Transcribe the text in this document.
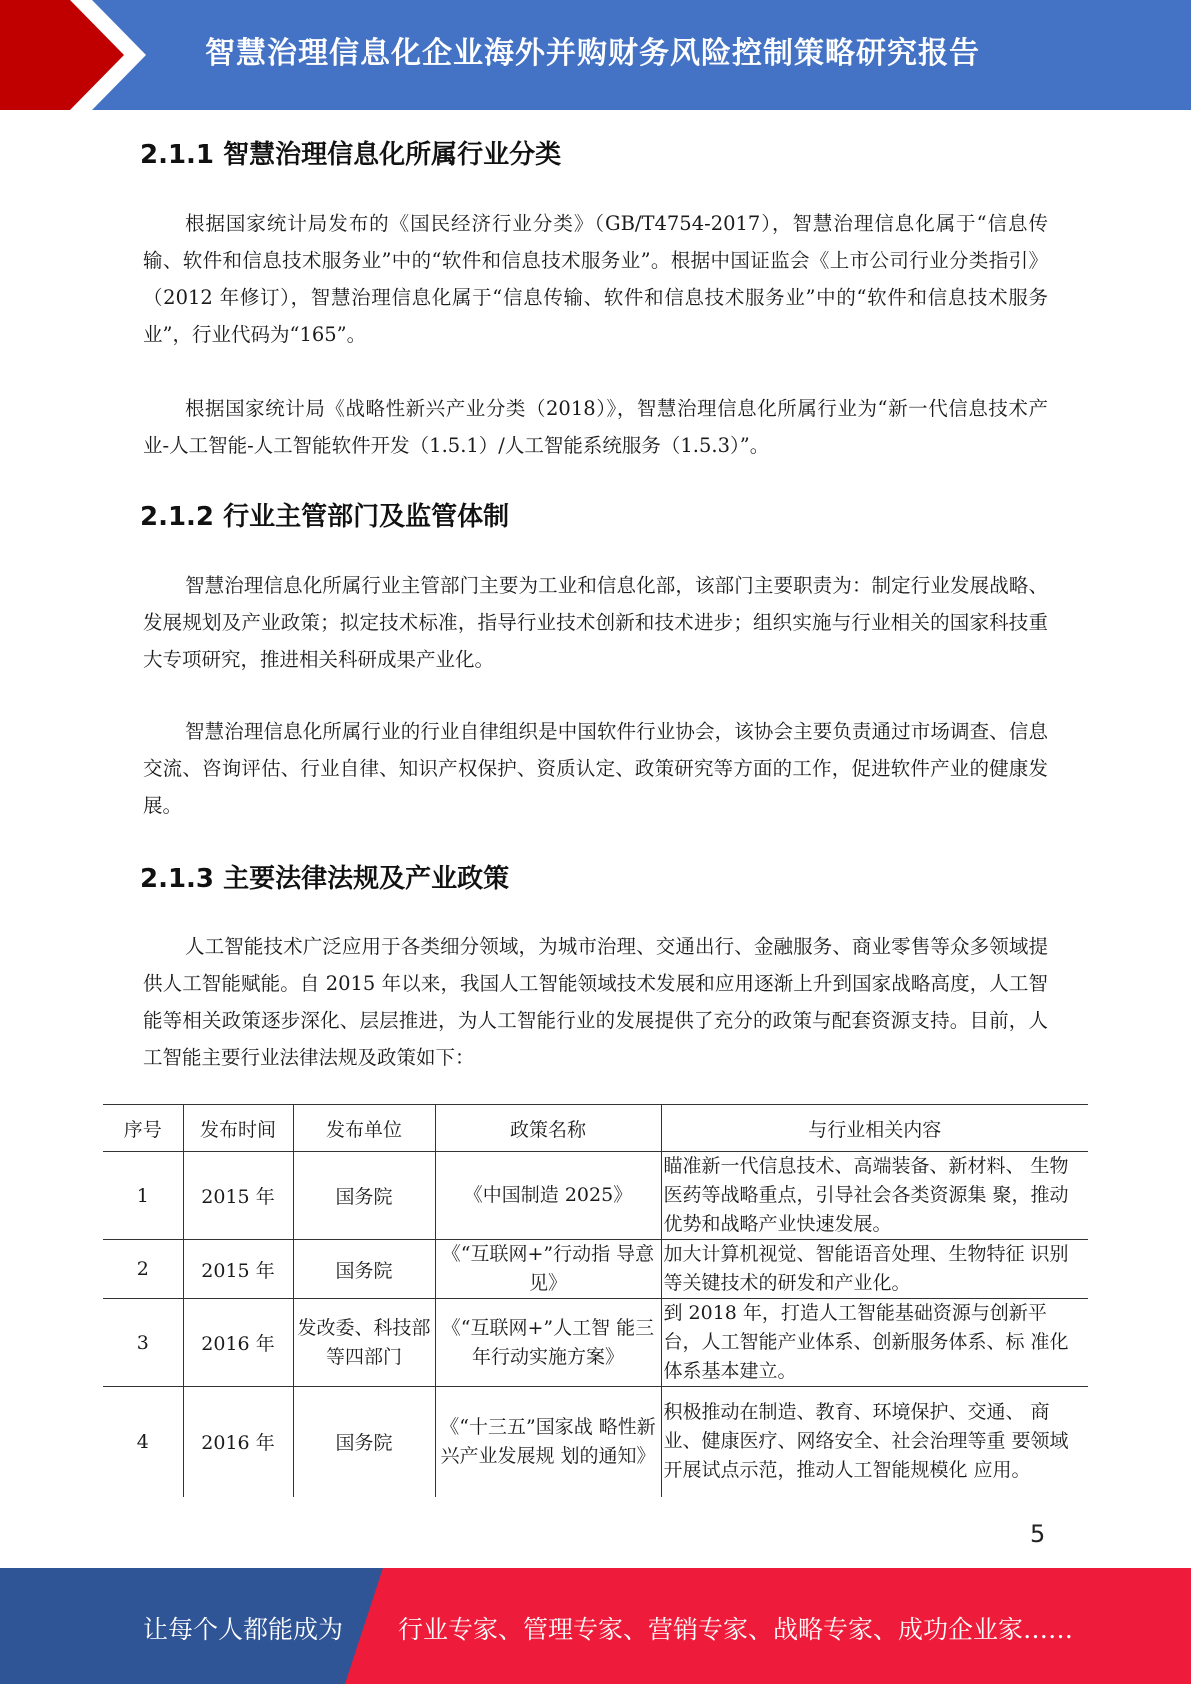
智慧治理信息化企业海外并购财务风险控制策略研究报告
2.1.1 智慧治理信息化所属行业分类
根据国家统计局发布的《国民经济行业分类》（GB/T4754-2017），智慧治理信息化属于“信息传输、软件和信息技术服务业”中的“软件和信息技术服务业”。根据中国证监会《上市公司行业分类指引》（2012 年修订），智慧治理信息化属于“信息传输、软件和信息技术服务业”中的“软件和信息技术服务业”，行业代码为“165”。
根据国家统计局《战略性新兴产业分类（2018）》，智慧治理信息化所属行业为“新一代信息技术产业-人工智能-人工智能软件开发（1.5.1）/人工智能系统服务（1.5.3）”。
2.1.2 行业主管部门及监管体制
智慧治理信息化所属行业主管部门主要为工业和信息化部，该部门主要职责为：制定行业发展战略、发展规划及产业政策；拟定技术标准，指导行业技术创新和技术进步；组织实施与行业相关的国家科技重大专项研究，推进相关科研成果产业化。
智慧治理信息化所属行业的行业自律组织是中国软件行业协会，该协会主要负责通过市场调查、信息交流、咨询评估、行业自律、知识产权保护、资质认定、政策研究等方面的工作，促进软件产业的健康发展。
2.1.3 主要法律法规及产业政策
人工智能技术广泛应用于各类细分领域，为城市治理、交通出行、金融服务、商业零售等众多领域提供人工智能赋能。自 2015 年以来，我国人工智能领域技术发展和应用逐渐上升到国家战略高度，人工智能等相关政策逐步深化、层层推进，为人工智能行业的发展提供了充分的政策与配套资源支持。目前，人工智能主要行业法律法规及政策如下：
序号	发布时间	发布单位	政策名称	与行业相关内容
1	2015 年	国务院	《中国制造 2025》	瞄准新一代信息技术、高端装备、新材料、 生物医药等战略重点，引导社会各类资源集 聚，推动优势和战略产业快速发展。
2	2015 年	国务院	《“互联网+”行动指 导意见》	加大计算机视觉、智能语音处理、生物特征 识别等关键技术的研发和产业化。
3	2016 年	发改委、科技部等四部门	《“互联网+”人工智 能三年行动实施方案》	到 2018 年，打造人工智能基础资源与创新平 台，人工智能产业体系、创新服务体系、标 准化体系基本建立。
4	2016 年	国务院	《“十三五”国家战 略性新兴产业发展规 划的通知》	积极推动在制造、教育、环境保护、交通、 商业、健康医疗、网络安全、社会治理等重 要领域开展试点示范，推动人工智能规模化 应用。
5
让每个人都能成为 行业专家、管理专家、营销专家、战略专家、成功企业家……
